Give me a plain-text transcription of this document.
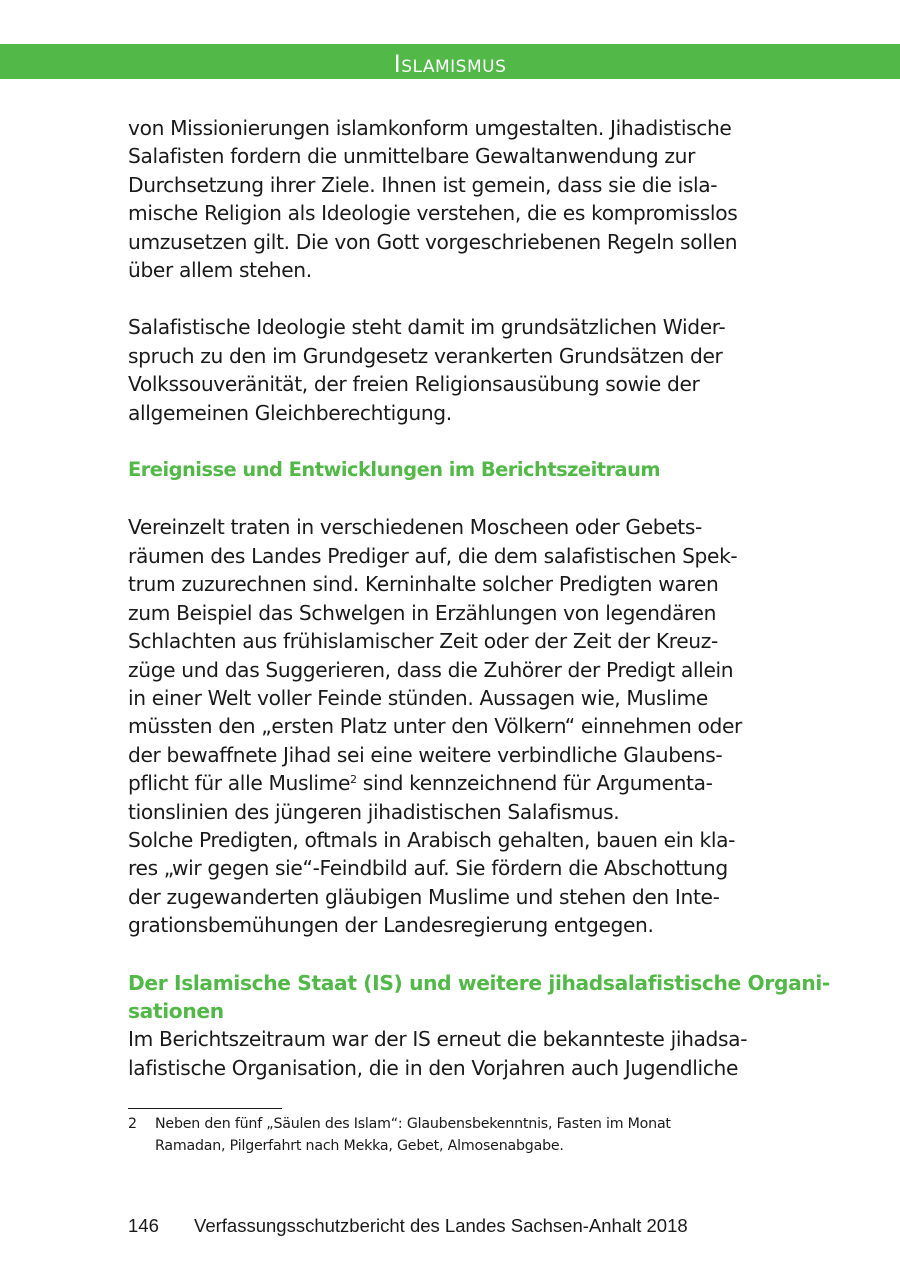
Islamismus

von Missionierungen islamkonform umgestalten. Jihadistische
Salafisten fordern die unmittelbare Gewaltanwendung zur
Durchsetzung ihrer Ziele. Ihnen ist gemein, dass sie die isla-
mische Religion als Ideologie verstehen, die es kompromisslos
umzusetzen gilt. Die von Gott vorgeschriebenen Regeln sollen
über allem stehen.

Salafistische Ideologie steht damit im grundsätzlichen Wider-
spruch zu den im Grundgesetz verankerten Grundsätzen der
Volkssouveränität, der freien Religionsausübung sowie der
allgemeinen Gleichberechtigung.

Ereignisse und Entwicklungen im Berichtszeitraum

Vereinzelt traten in verschiedenen Moscheen oder Gebets-
räumen des Landes Prediger auf, die dem salafistischen Spek-
trum zuzurechnen sind. Kerninhalte solcher Predigten waren
zum Beispiel das Schwelgen in Erzählungen von legendären
Schlachten aus frühislamischer Zeit oder der Zeit der Kreuz-
züge und das Suggerieren, dass die Zuhörer der Predigt allein
in einer Welt voller Feinde stünden. Aussagen wie, Muslime
müssten den „ersten Platz unter den Völkern“ einnehmen oder
der bewaffnete Jihad sei eine weitere verbindliche Glaubens-
pflicht für alle Muslime$^2$ sind kennzeichnend für Argumenta-
tionslinien des jüngeren jihadistischen Salafismus.
Solche Predigten, oftmals in Arabisch gehalten, bauen ein kla-
res „wir gegen sie“-Feindbild auf. Sie fördern die Abschottung
der zugewanderten gläubigen Muslime und stehen den Inte-
grationsbemühungen der Landesregierung entgegen.

Der Islamische Staat (IS) und weitere jihadsalafistische Organi-
sationen

Im Berichtszeitraum war der IS erneut die bekannteste jihadsa-
lafistische Organisation, die in den Vorjahren auch Jugendliche

2 Neben den fünf „Säulen des Islam“: Glaubensbekenntnis, Fasten im Monat
Ramadan, Pilgerfahrt nach Mekka, Gebet, Almosenabgabe.
146 Verfassungsschutzbericht des Landes Sachsen-Anhalt 2018
